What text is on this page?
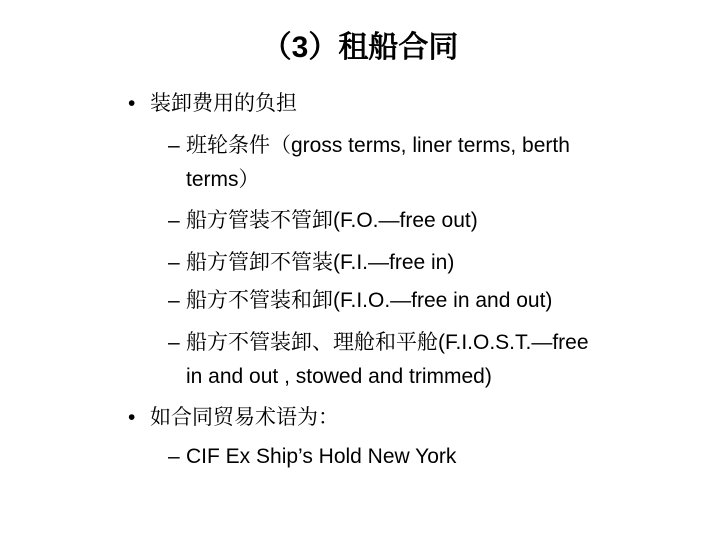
（3）租船合同
• 装卸费用的负担
– 班轮条件（gross terms, liner terms, berth
terms）
– 船方管装不管卸(F.O.—free out)
– 船方管卸不管装(F.I.—free in)
– 船方不管装和卸(F.I.O.—free in and out)
– 船方不管装卸、理舱和平舱(F.I.O.S.T.—free
in and out , stowed and trimmed)
• 如合同贸易术语为：
– CIF Ex Ship’s Hold New York
